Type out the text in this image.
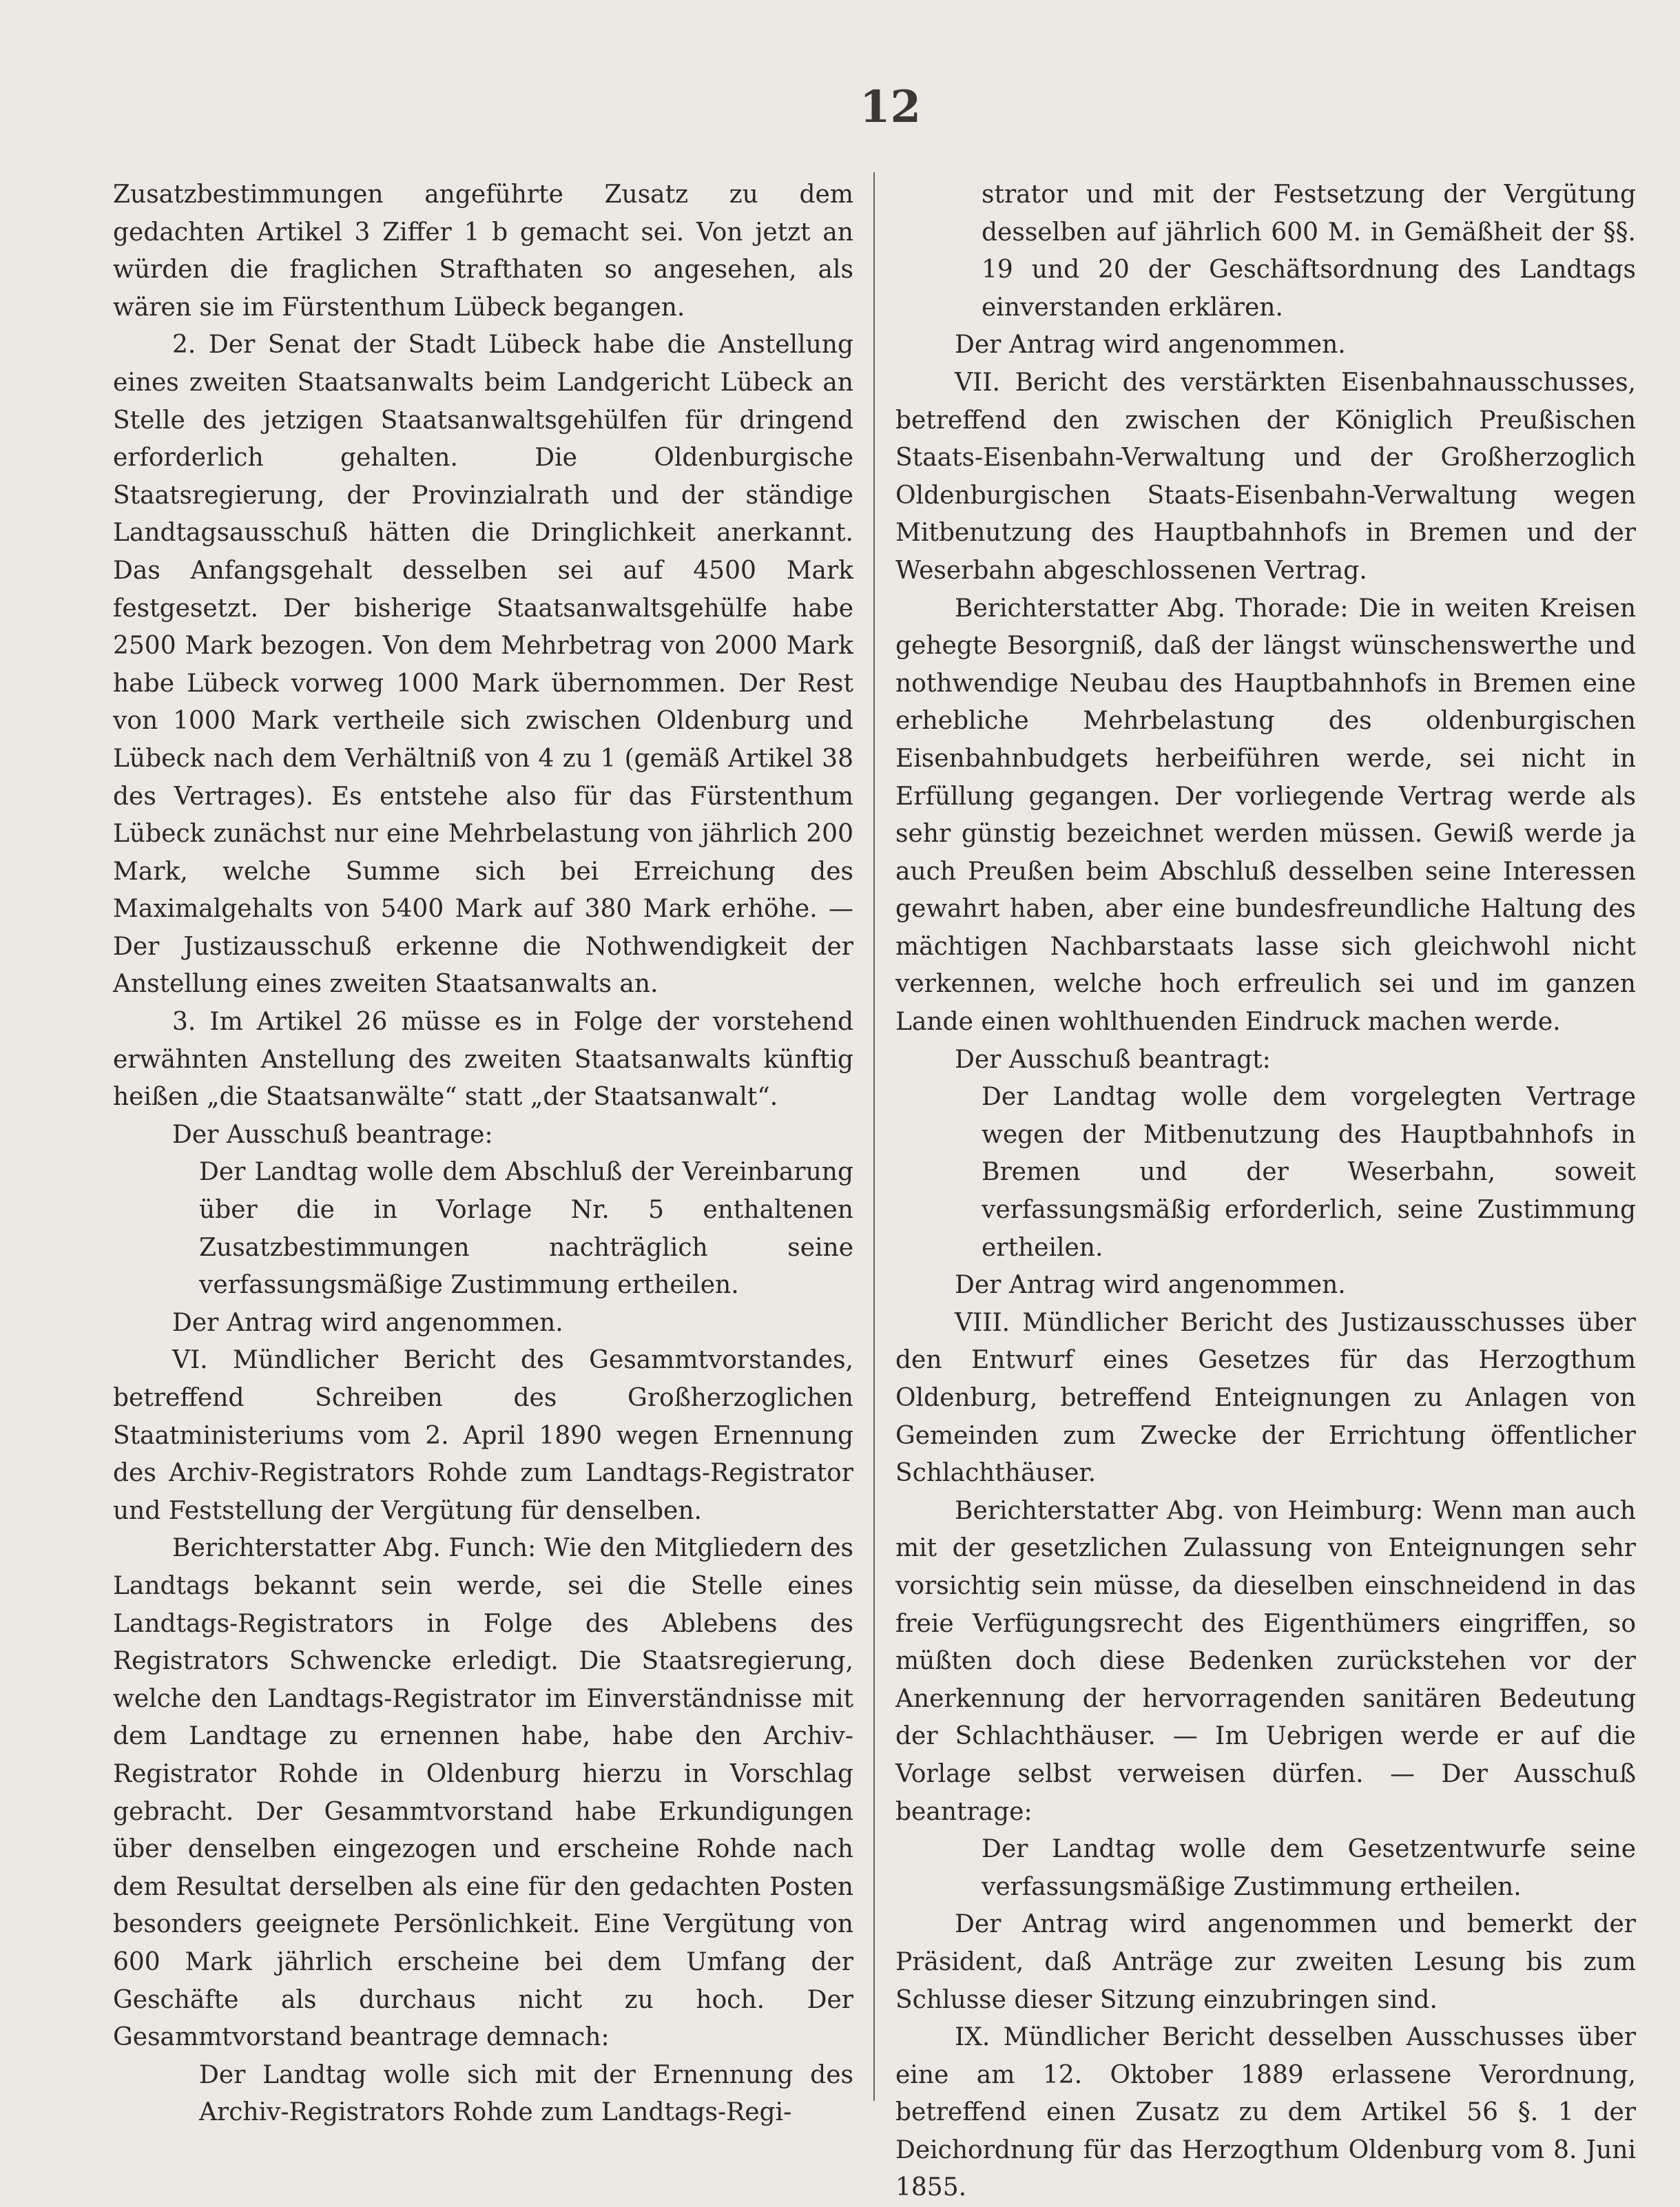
12

Zusatzbestimmungen angeführte Zusatz zu dem gedachten Artikel 3 Ziffer 1 b gemacht sei. Von jetzt an würden die fraglichen Strafthaten so angesehen, als wären sie im Fürstenthum Lübeck begangen.

2. Der Senat der Stadt Lübeck habe die Anstellung eines zweiten Staatsanwalts beim Landgericht Lübeck an Stelle des jetzigen Staatsanwaltsgehülfen für dringend erforderlich gehalten. Die Oldenburgische Staatsregierung, der Provinzialrath und der ständige Landtagsausschuß hätten die Dringlichkeit anerkannt. Das Anfangsgehalt desselben sei auf 4500 Mark festgesetzt. Der bisherige Staatsanwaltsgehülfe habe 2500 Mark bezogen. Von dem Mehrbetrag von 2000 Mark habe Lübeck vorweg 1000 Mark übernommen. Der Rest von 1000 Mark vertheile sich zwischen Oldenburg und Lübeck nach dem Verhältniß von 4 zu 1 (gemäß Artikel 38 des Vertrages). Es entstehe also für das Fürstenthum Lübeck zunächst nur eine Mehrbelastung von jährlich 200 Mark, welche Summe sich bei Erreichung des Maximalgehalts von 5400 Mark auf 380 Mark erhöhe. — Der Justizausschuß erkenne die Nothwendigkeit der Anstellung eines zweiten Staatsanwalts an.

3. Im Artikel 26 müsse es in Folge der vorstehend erwähnten Anstellung des zweiten Staatsanwalts künftig heißen „die Staatsanwälte“ statt „der Staatsanwalt“.

Der Ausschuß beantrage:

Der Landtag wolle dem Abschluß der Vereinbarung über die in Vorlage Nr. 5 enthaltenen Zusatzbestimmungen nachträglich seine verfassungsmäßige Zustimmung ertheilen.

Der Antrag wird angenommen.

VI. Mündlicher Bericht des Gesammtvorstandes, betreffend Schreiben des Großherzoglichen Staatministeriums vom 2. April 1890 wegen Ernennung des Archiv-Registrators Rohde zum Landtags-Registrator und Feststellung der Vergütung für denselben.

Berichterstatter Abg. Funch: Wie den Mitgliedern des Landtags bekannt sein werde, sei die Stelle eines Landtags-Registrators in Folge des Ablebens des Registrators Schwencke erledigt. Die Staatsregierung, welche den Landtags-Registrator im Einverständnisse mit dem Landtage zu ernennen habe, habe den Archiv-Registrator Rohde in Oldenburg hierzu in Vorschlag gebracht. Der Gesammtvorstand habe Erkundigungen über denselben eingezogen und erscheine Rohde nach dem Resultat derselben als eine für den gedachten Posten besonders geeignete Persönlichkeit. Eine Vergütung von 600 Mark jährlich erscheine bei dem Umfang der Geschäfte als durchaus nicht zu hoch. Der Gesammtvorstand beantrage demnach:

Der Landtag wolle sich mit der Ernennung des Archiv-Registrators Rohde zum Landtags-Regi-

strator und mit der Festsetzung der Vergütung desselben auf jährlich 600 M. in Gemäßheit der §§. 19 und 20 der Geschäftsordnung des Landtags einverstanden erklären.

Der Antrag wird angenommen.

VII. Bericht des verstärkten Eisenbahnausschusses, betreffend den zwischen der Königlich Preußischen Staats-Eisenbahn-Verwaltung und der Großherzoglich Oldenburgischen Staats-Eisenbahn-Verwaltung wegen Mitbenutzung des Hauptbahnhofs in Bremen und der Weserbahn abgeschlossenen Vertrag.

Berichterstatter Abg. Thorade: Die in weiten Kreisen gehegte Besorgniß, daß der längst wünschenswerthe und nothwendige Neubau des Hauptbahnhofs in Bremen eine erhebliche Mehrbelastung des oldenburgischen Eisenbahnbudgets herbeiführen werde, sei nicht in Erfüllung gegangen. Der vorliegende Vertrag werde als sehr günstig bezeichnet werden müssen. Gewiß werde ja auch Preußen beim Abschluß desselben seine Interessen gewahrt haben, aber eine bundesfreundliche Haltung des mächtigen Nachbarstaats lasse sich gleichwohl nicht verkennen, welche hoch erfreulich sei und im ganzen Lande einen wohlthuenden Eindruck machen werde.

Der Ausschuß beantragt:

Der Landtag wolle dem vorgelegten Vertrage wegen der Mitbenutzung des Hauptbahnhofs in Bremen und der Weserbahn, soweit verfassungsmäßig erforderlich, seine Zustimmung ertheilen.

Der Antrag wird angenommen.

VIII. Mündlicher Bericht des Justizausschusses über den Entwurf eines Gesetzes für das Herzogthum Oldenburg, betreffend Enteignungen zu Anlagen von Gemeinden zum Zwecke der Errichtung öffentlicher Schlachthäuser.

Berichterstatter Abg. von Heimburg: Wenn man auch mit der gesetzlichen Zulassung von Enteignungen sehr vorsichtig sein müsse, da dieselben einschneidend in das freie Verfügungsrecht des Eigenthümers eingriffen, so müßten doch diese Bedenken zurückstehen vor der Anerkennung der hervorragenden sanitären Bedeutung der Schlachthäuser. — Im Uebrigen werde er auf die Vorlage selbst verweisen dürfen. — Der Ausschuß beantrage:

Der Landtag wolle dem Gesetzentwurfe seine verfassungsmäßige Zustimmung ertheilen.

Der Antrag wird angenommen und bemerkt der Präsident, daß Anträge zur zweiten Lesung bis zum Schlusse dieser Sitzung einzubringen sind.

IX. Mündlicher Bericht desselben Ausschusses über eine am 12. Oktober 1889 erlassene Verordnung, betreffend einen Zusatz zu dem Artikel 56 §. 1 der Deichordnung für das Herzogthum Oldenburg vom 8. Juni 1855.
